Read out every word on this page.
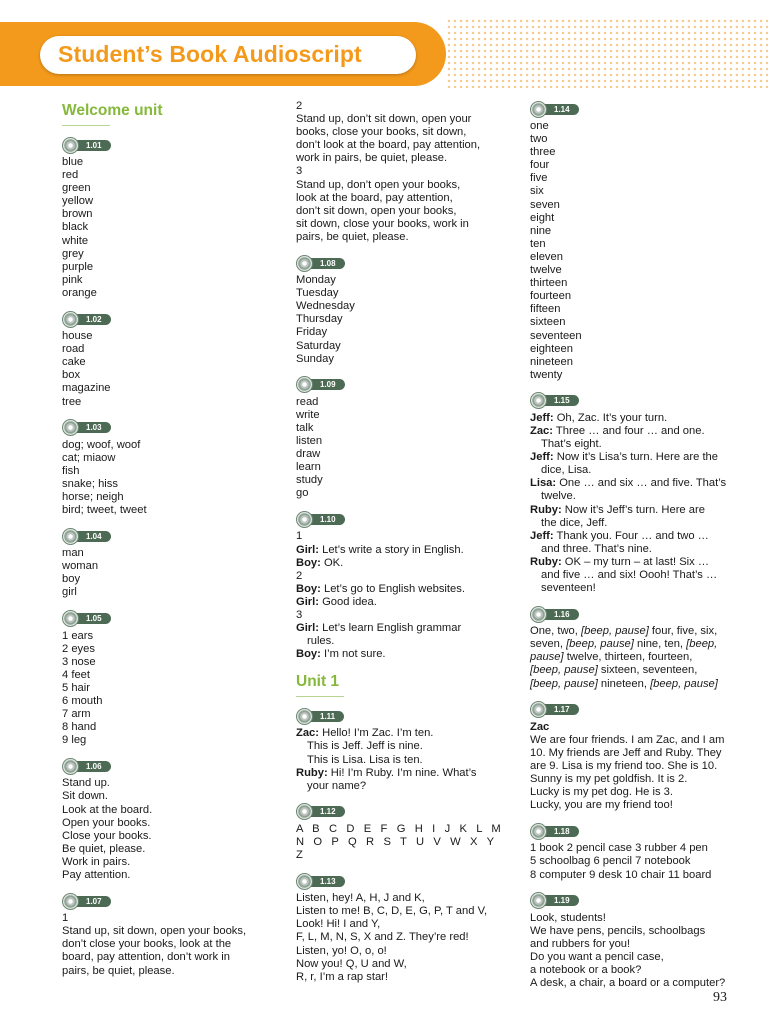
Student’s Book Audioscript
Welcome unit
1.01
blue
red
green
yellow
brown
black
white
grey
purple
pink
orange
1.02
house
road
cake
box
magazine
tree
1.03
dog; woof, woof
cat; miaow
fish
snake; hiss
horse; neigh
bird; tweet, tweet
1.04
man
woman
boy
girl
1.05
1 ears
2 eyes
3 nose
4 feet
5 hair
6 mouth
7 arm
8 hand
9 leg
1.06
Stand up.
Sit down.
Look at the board.
Open your books.
Close your books.
Be quiet, please.
Work in pairs.
Pay attention.
1.07
1
Stand up, sit down, open your books,
don’t close your books, look at the
board, pay attention, don’t work in
pairs, be quiet, please.
2
Stand up, don’t sit down, open your
books, close your books, sit down,
don’t look at the board, pay attention,
work in pairs, be quiet, please.
3
Stand up, don’t open your books,
look at the board, pay attention,
don’t sit down, open your books,
sit down, close your books, work in
pairs, be quiet, please.
1.08
Monday
Tuesday
Wednesday
Thursday
Friday
Saturday
Sunday
1.09
read
write
talk
listen
draw
learn
study
go
1.10
1
Girl: Let’s write a story in English.
Boy: OK.
2
Boy: Let’s go to English websites.
Girl: Good idea.
3
Girl: Let’s learn English grammar
rules.
Boy: I’m not sure.
Unit 1
1.11
Zac: Hello! I’m Zac. I’m ten.
This is Jeff. Jeff is nine.
This is Lisa. Lisa is ten.
Ruby: Hi! I’m Ruby. I’m nine. What’s
your name?
1.12
A   B   C   D   E   F   G   H   I   J   K   L   M
N   O   P   Q   R   S   T   U   V   W   X   Y
Z
1.13
Listen, hey! A, H, J and K,
Listen to me! B, C, D, E, G, P, T and V,
Look! Hi! I and Y,
F, L, M, N, S, X and Z. They’re red!
Listen, yo! O, o, o!
Now you! Q, U and W,
R, r, I’m a rap star!
1.14
one
two
three
four
five
six
seven
eight
nine
ten
eleven
twelve
thirteen
fourteen
fifteen
sixteen
seventeen
eighteen
nineteen
twenty
1.15
Jeff: Oh, Zac. It’s your turn.
Zac: Three … and four … and one.
That’s eight.
Jeff: Now it’s Lisa’s turn. Here are the
dice, Lisa.
Lisa: One … and six … and five. That’s
twelve.
Ruby: Now it’s Jeff’s turn. Here are
the dice, Jeff.
Jeff: Thank you. Four … and two …
and three. That’s nine.
Ruby: OK – my turn – at last! Six …
and five … and six! Oooh! That’s …
seventeen!
1.16
One, two, [beep, pause] four, five, six,
seven, [beep, pause] nine, ten, [beep,
pause] twelve, thirteen, fourteen,
[beep, pause] sixteen, seventeen,
[beep, pause] nineteen, [beep, pause]
1.17
Zac
We are four friends. I am Zac, and I am
10. My friends are Jeff and Ruby. They
are 9. Lisa is my friend too. She is 10.
Sunny is my pet goldfish. It is 2.
Lucky is my pet dog. He is 3.
Lucky, you are my friend too!
1.18
1 book 2 pencil case 3 rubber 4 pen
5 schoolbag 6 pencil 7 notebook
8 computer 9 desk 10 chair 11 board
1.19
Look, students!
We have pens, pencils, schoolbags
and rubbers for you!
Do you want a pencil case,
a notebook or a book?
A desk, a chair, a board or a computer?
93
